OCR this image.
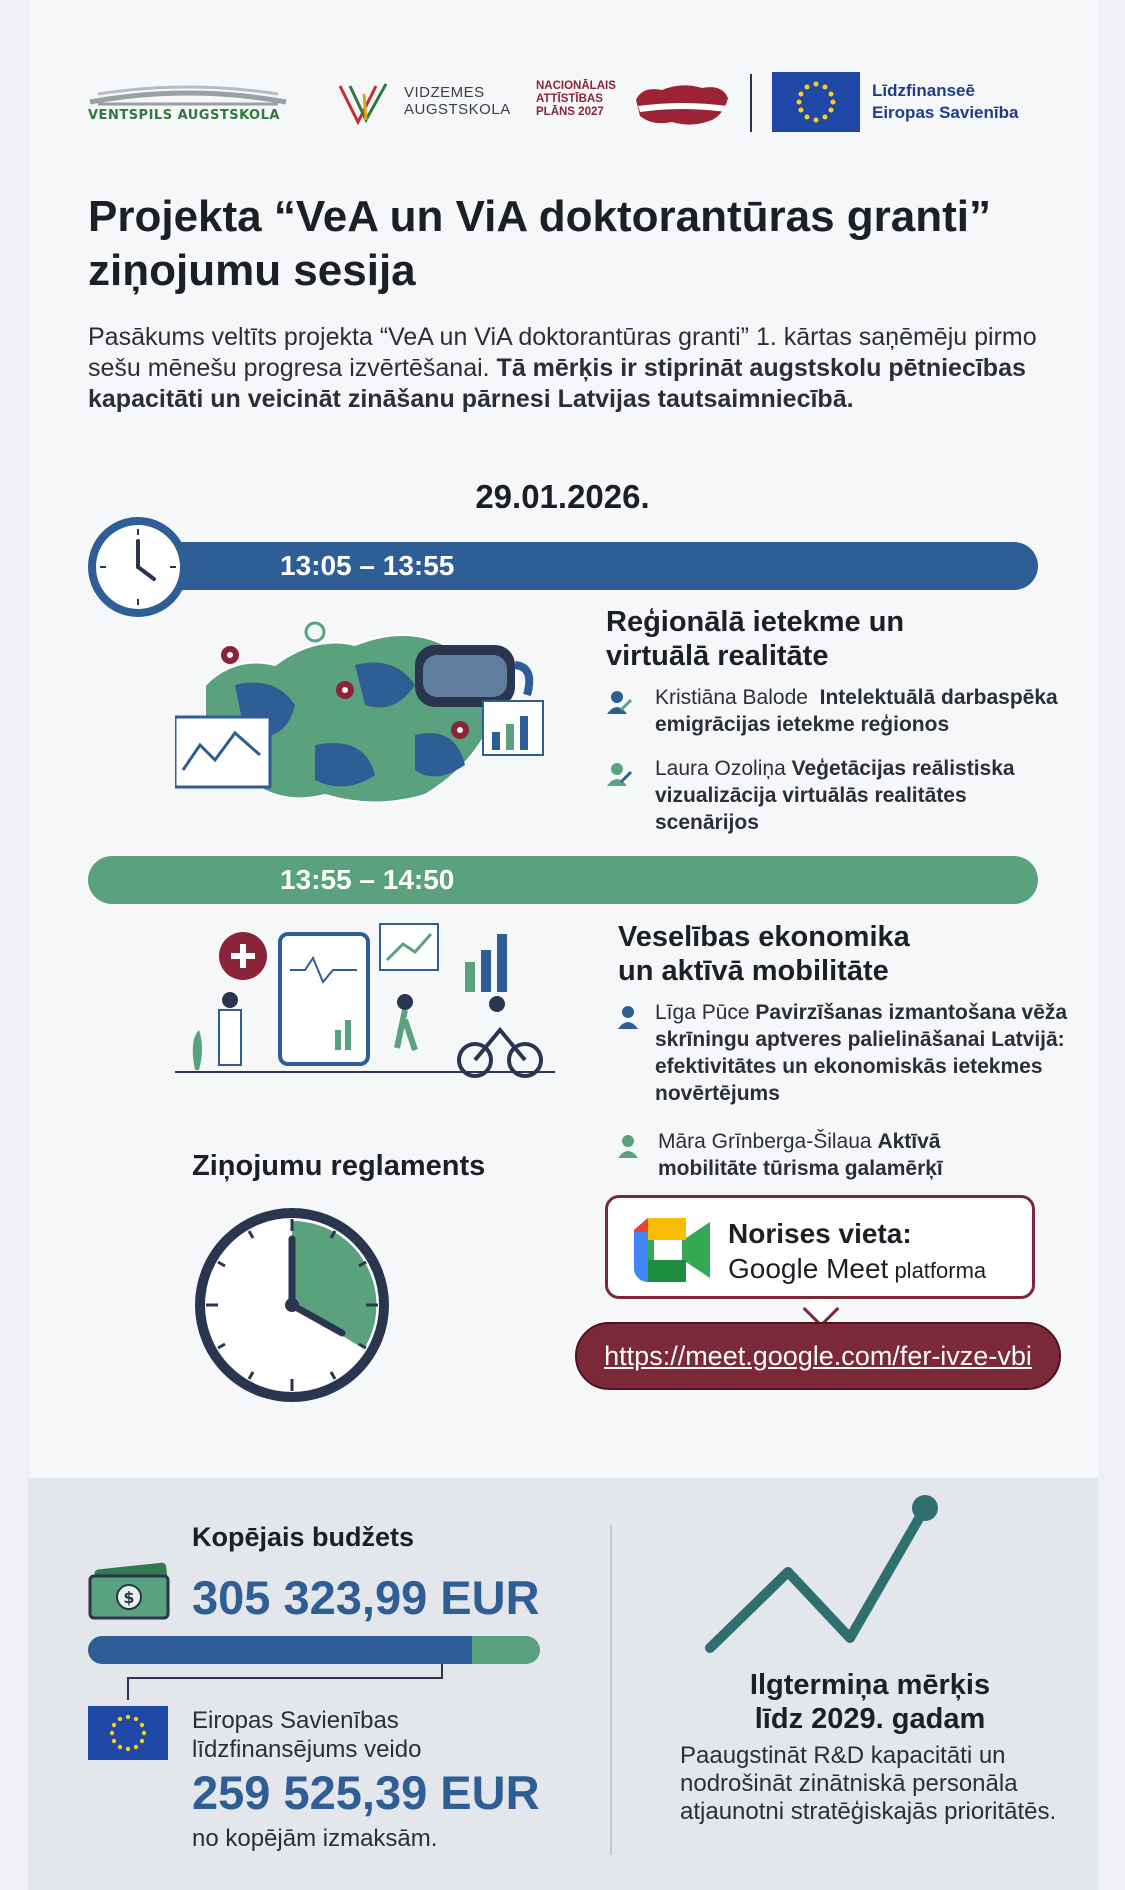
VENTSPILS AUGSTSKOLA
VIDZEMES
AUGSTSKOLA
NACIONĀLAIS
ATTĪSTĪBAS
PLĀNS 2027
Līdzfinanseē
Eiropas Savienība
Projekta “VeA un ViA doktorantūras granti” ziņojumu sesija
Pasākums veltīts projekta “VeA un ViA doktorantūras granti” 1. kārtas saņēmēju pirmo sešu mēnešu progresa izvērtēšanai. Tā mērķis ir stiprināt augstskolu pētniecības kapacitāti un veicināt zināšanu pārnesi Latvijas tautsaimniecībā.
29.01.2026.
13:05 – 13:55
Reģionālā ietekme un
virtuālā realitāte
Kristiāna Balode Intelektuālā darbaspēka emigrācijas ietekme reģionos
Laura Ozoliņa Veģetācijas reālistiska vizualizācija virtuālās realitātes scenārijos
13:55 – 14:50
Veselības ekonomika
un aktīvā mobilitāte
Līga Pūce Pavirzīšanas izmantošana vēža skrīningu aptveres palielināšanai Latvijā: efektivitātes un ekonomiskās ietekmes novērtējums
Māra Grīnberga-Šilaua Aktīvā mobilitāte tūrisma galamērķī
Ziņojumu reglaments
Norises vieta:
Google Meet platforma
https://meet.google.com/fer-ivze-vbi
$
Kopējais budžets
305 323,99 EUR
Eiropas Savienības
līdzfinansējums veido
259 525,39 EUR
no kopējām izmaksām.
Ilgtermiņa mērķis
līdz 2029. gadam
Paaugstināt R&D kapacitāti un nodrošināt zinātniskā personāla atjaunotni stratēģiskajās prioritātēs.
